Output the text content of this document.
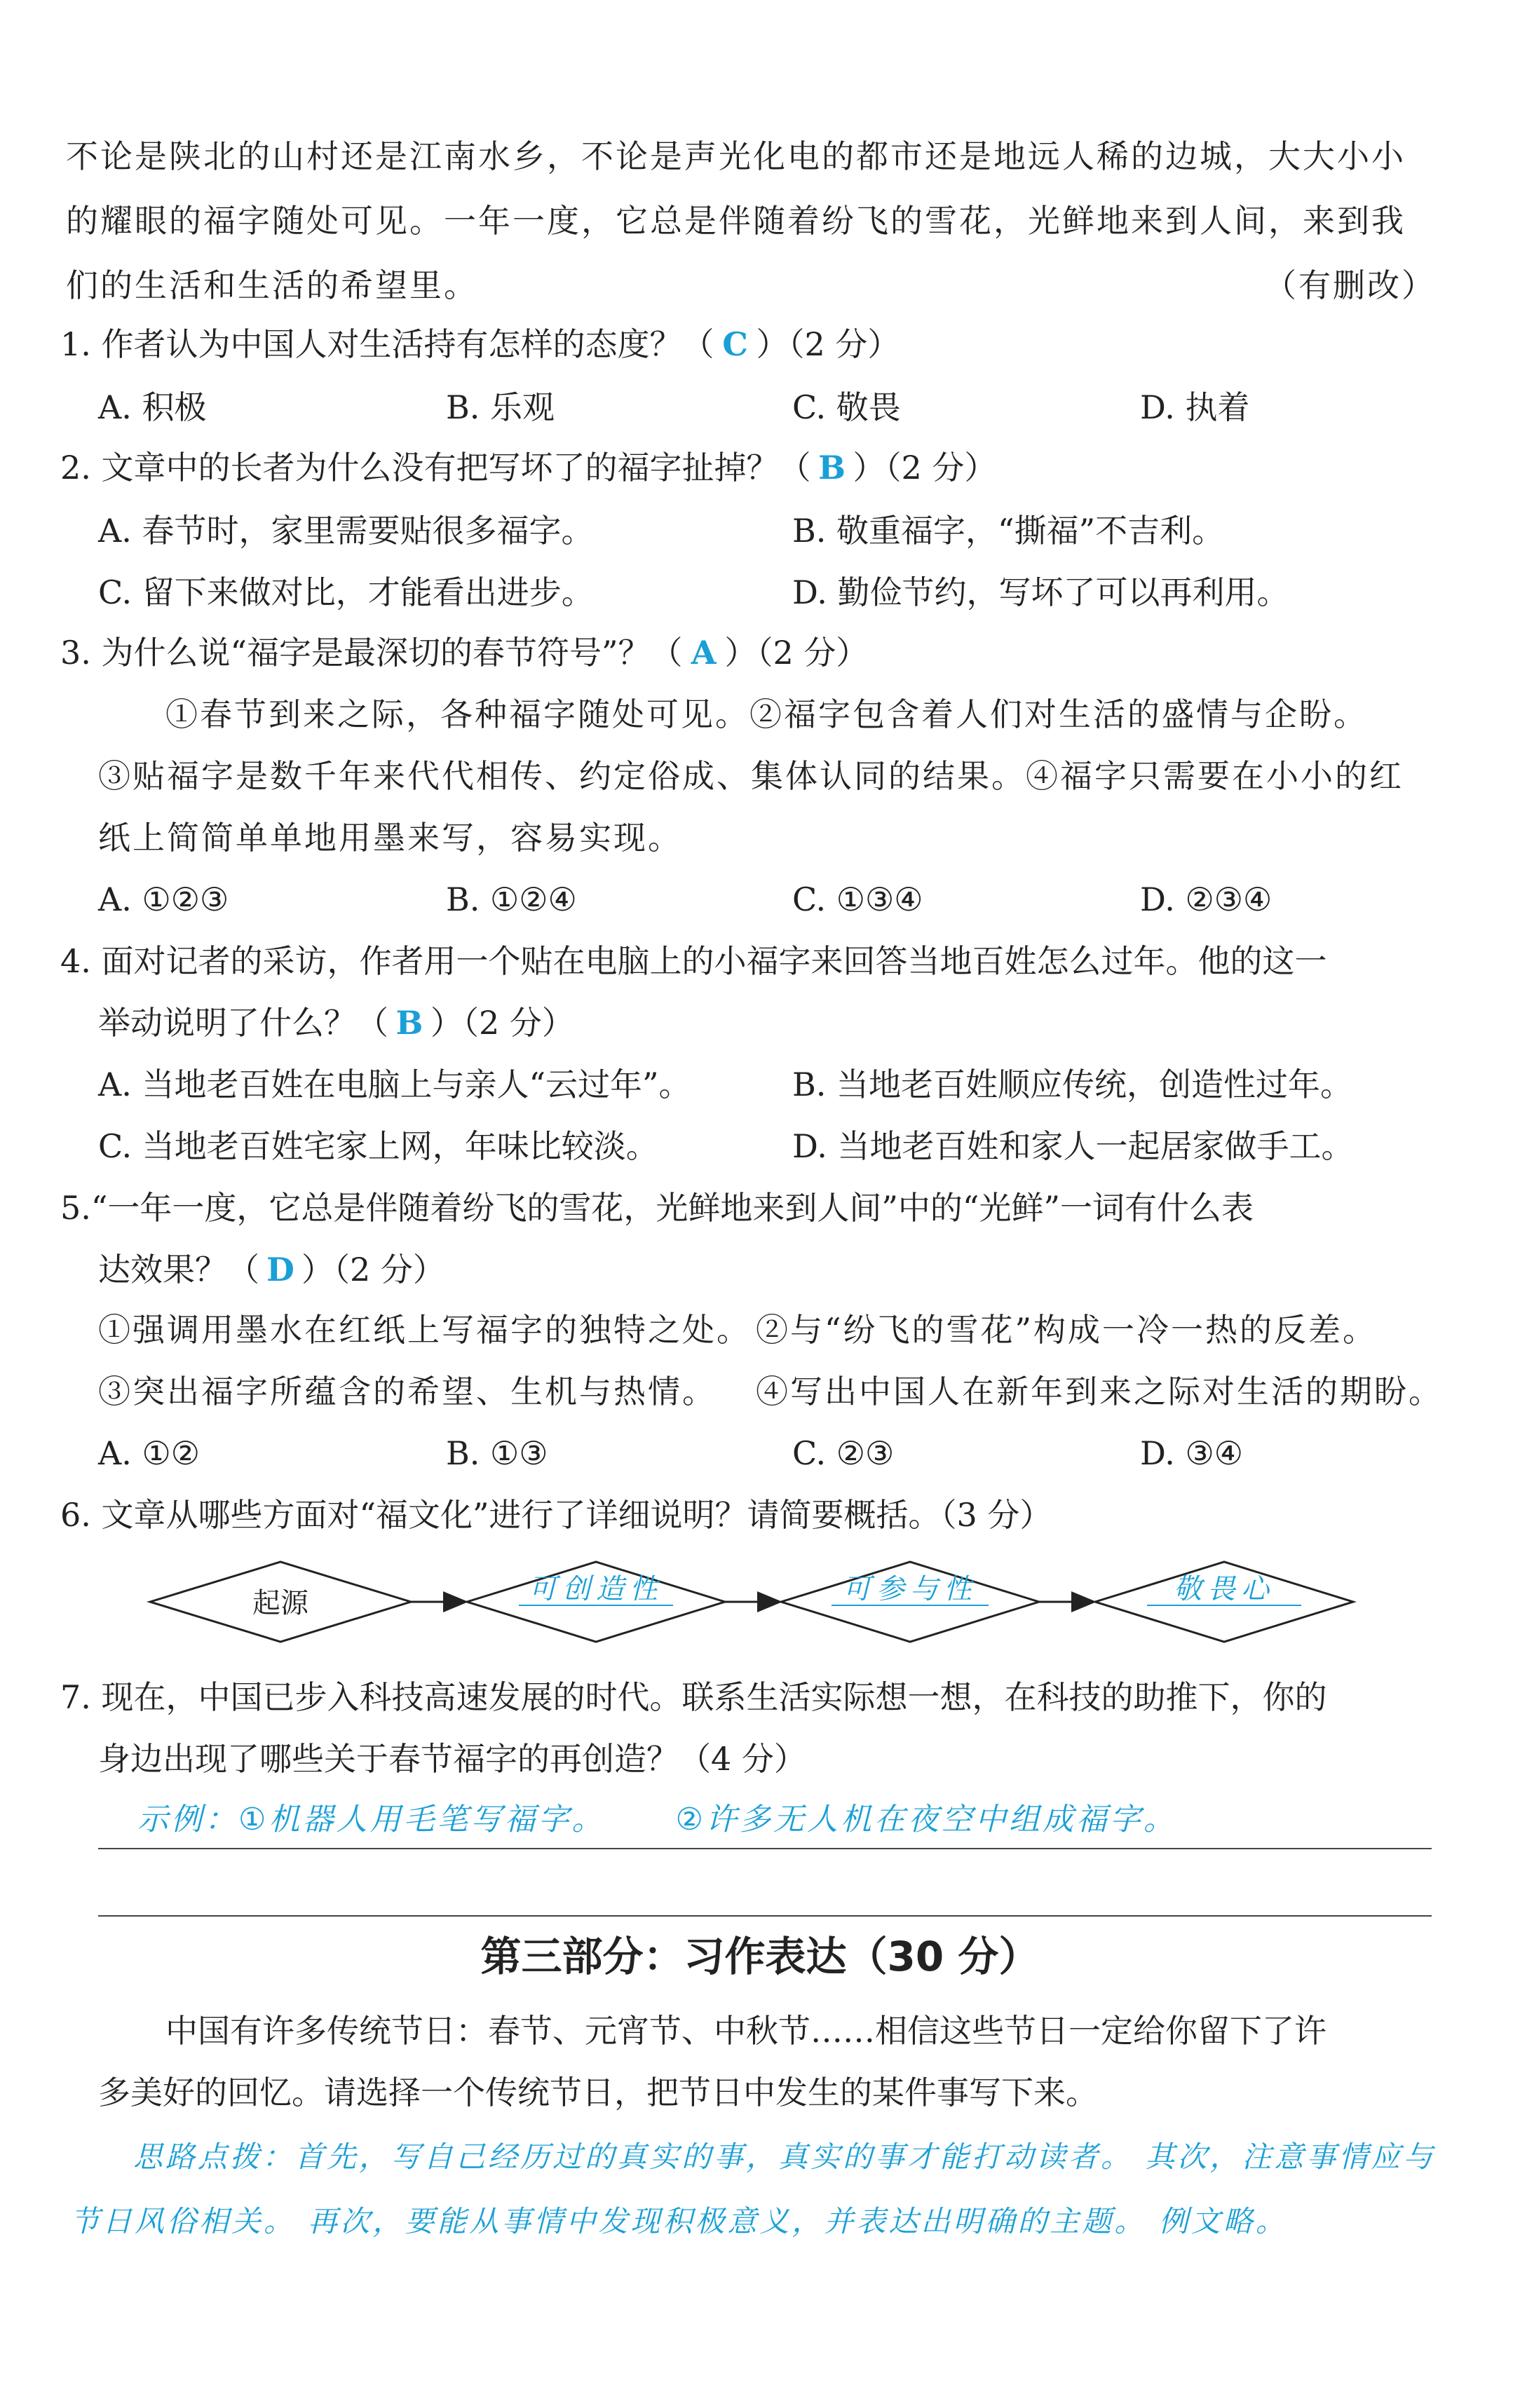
不论是陕北的山村还是江南水乡，不论是声光化电的都市还是地远人稀的边城，大大小小
的耀眼的福字随处可见。一年一度，它总是伴随着纷飞的雪花，光鲜地来到人间，来到我
们的生活和生活的希望里。	（有删改）
1. 作者认为中国人对生活持有怎样的态度？（ C ）（2 分）
A. 积极	B. 乐观	C. 敬畏	D. 执着
2. 文章中的长者为什么没有把写坏了的福字扯掉？（ B ）（2 分）
A. 春节时，家里需要贴很多福字。	B. 敬重福字，“撕福”不吉利。
C. 留下来做对比，才能看出进步。	D. 勤俭节约，写坏了可以再利用。
3. 为什么说“福字是最深切的春节符号”？（ A ）（2 分）
①春节到来之际，各种福字随处可见。②福字包含着人们对生活的盛情与企盼。
③贴福字是数千年来代代相传、约定俗成、集体认同的结果。④福字只需要在小小的红
纸上简简单单地用墨来写，容易实现。
A. ①②③	B. ①②④	C. ①③④	D. ②③④
4. 面对记者的采访，作者用一个贴在电脑上的小福字来回答当地百姓怎么过年。他的这一
举动说明了什么？（ B ）（2 分）
A. 当地老百姓在电脑上与亲人“云过年”。	B. 当地老百姓顺应传统，创造性过年。
C. 当地老百姓宅家上网，年味比较淡。	D. 当地老百姓和家人一起居家做手工。
5.“一年一度，它总是伴随着纷飞的雪花，光鲜地来到人间”中的“光鲜”一词有什么表
达效果？（ D ）（2 分）
①强调用墨水在红纸上写福字的独特之处。 ②与“纷飞的雪花”构成一冷一热的反差。
③突出福字所蕴含的希望、生机与热情。 ④写出中国人在新年到来之际对生活的期盼。
A. ①②	B. ①③	C. ②③	D. ③④
6. 文章从哪些方面对“福文化”进行了详细说明？请简要概括。（3 分）
起源	可创造性	可参与性	敬畏心
7. 现在，中国已步入科技高速发展的时代。联系生活实际想一想，在科技的助推下，你的
身边出现了哪些关于春节福字的再创造？（4 分）
示例：①机器人用毛笔写福字。 ②许多无人机在夜空中组成福字。
第三部分：习作表达（30 分）
中国有许多传统节日：春节、元宵节、中秋节……相信这些节日一定给你留下了许
多美好的回忆。请选择一个传统节日，把节日中发生的某件事写下来。
思路点拨：首先，写自己经历过的真实的事，真实的事才能打动读者。 其次，注意事情应与
节日风俗相关。 再次，要能从事情中发现积极意义，并表达出明确的主题。 例文略。
